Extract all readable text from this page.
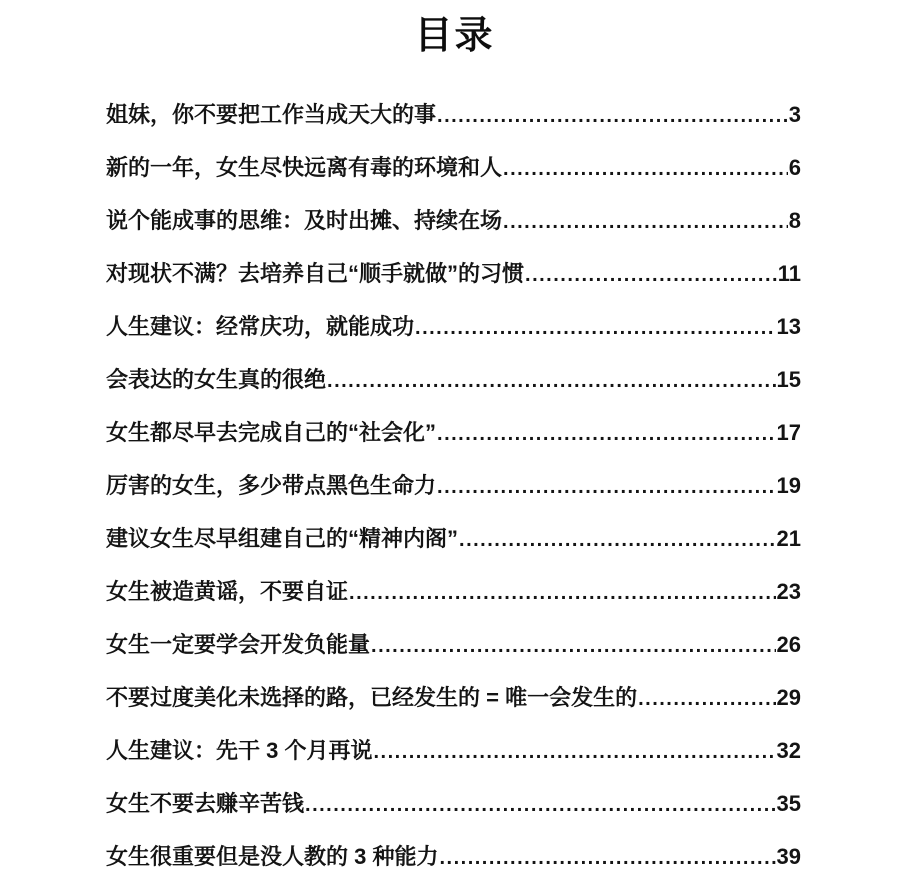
目录
姐妹，你不要把工作当成天大的事 .....	3
新的一年，女生尽快远离有毒的环境和人 .....	6
说个能成事的思维：及时出摊、持续在场 .....	8
对现状不满？去培养自己“顺手就做”的习惯 .....	11
人生建议：经常庆功，就能成功 .....	13
会表达的女生真的很绝 .....	15
女生都尽早去完成自己的“社会化” .....	17
厉害的女生，多少带点黑色生命力 .....	19
建议女生尽早组建自己的“精神内阁” .....	21
女生被造黄谣，不要自证 .....	23
女生一定要学会开发负能量 .....	26
不要过度美化未选择的路，已经发生的 = 唯一会发生的 .....	29
人生建议：先干 3 个月再说 .....	32
女生不要去赚辛苦钱 .....	35
女生很重要但是没人教的 3 种能力 .....	39
